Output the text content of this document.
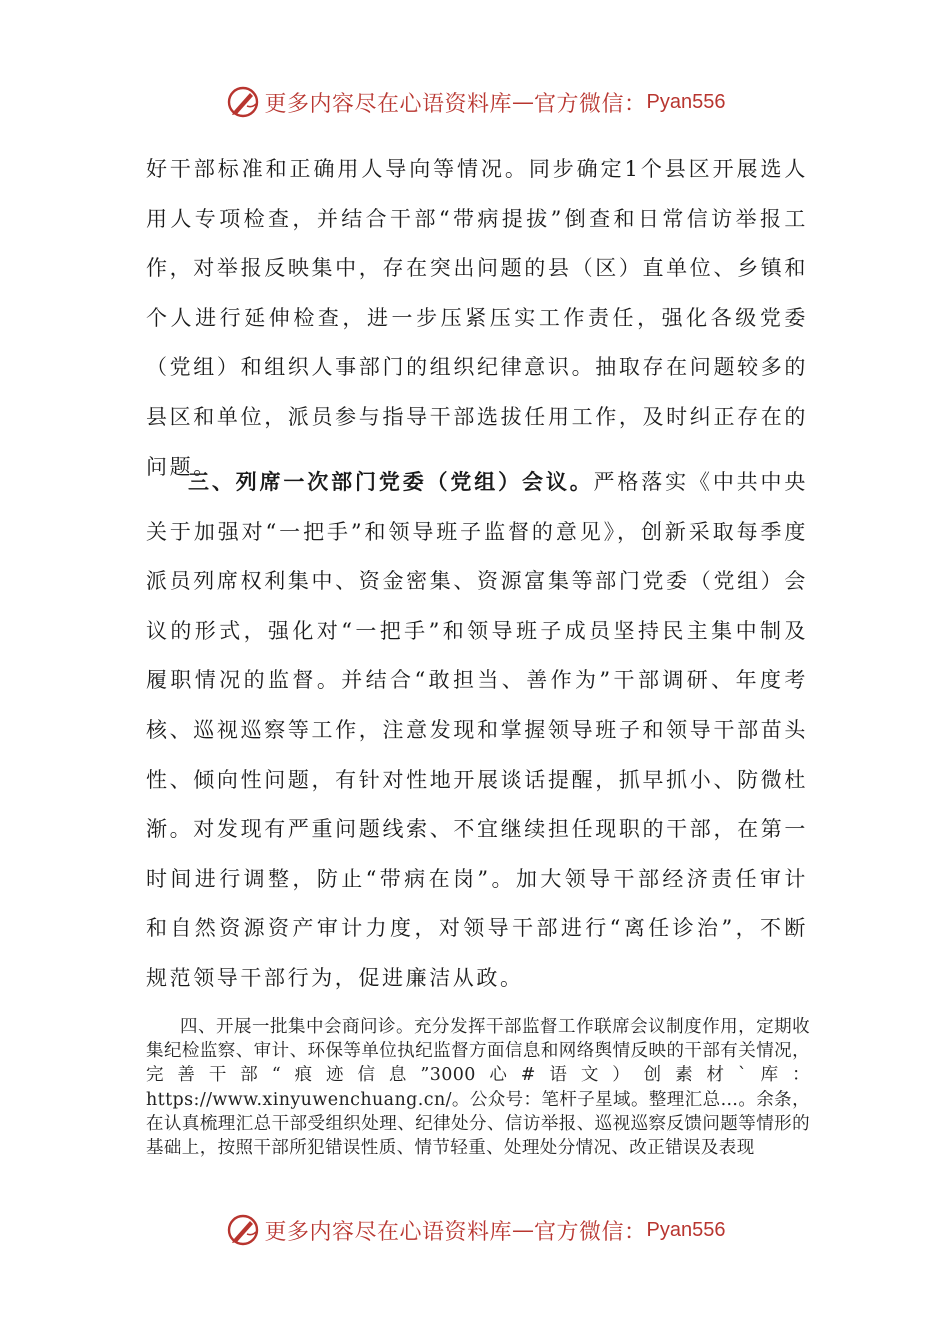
更多内容尽在心语资料库 — 官方微信： Pyan556
好干部标准和正确用人导向等情况。同步确定1个县区开展选人用人专项检查，并结合干部“带病提拔”倒查和日常信访举报工作，对举报反映集中，存在突出问题的县（区）直单位、乡镇和个人进行延伸检查，进一步压紧压实工作责任，强化各级党委（党组）和组织人事部门的组织纪律意识。抽取存在问题较多的县区和单位，派员参与指导干部选拔任用工作，及时纠正存在的问题。
三、列席一次部门党委（党组）会议。严格落实《中共中央关于加强对“一把手”和领导班子监督的意见》，创新采取每季度派员列席权利集中、资金密集、资源富集等部门党委（党组）会议的形式，强化对“一把手”和领导班子成员坚持民主集中制及履职情况的监督。并结合“敢担当、善作为”干部调研、年度考核、巡视巡察等工作，注意发现和掌握领导班子和领导干部苗头性、倾向性问题，有针对性地开展谈话提醒，抓早抓小、防微杜渐。对发现有严重问题线索、不宜继续担任现职的干部，在第一时间进行调整，防止“带病在岗”。加大领导干部经济责任审计和自然资源资产审计力度，对领导干部进行“离任诊治”，不断规范领导干部行为，促进廉洁从政。
四、开展一批集中会商问诊。充分发挥干部监督工作联席会议制度作用，定期收集纪检监察、审计、环保等单位执纪监督方面信息和网络舆情反映的干部有关情况，完善干部“痕迹信息”3000心#语文）创素材`库：https://www.xinyuwenchuang.cn/。公众号：笔杆子星域。整理汇总…。余条，在认真梳理汇总干部受组织处理、纪律处分、信访举报、巡视巡察反馈问题等情形的基础上，按照干部所犯错误性质、情节轻重、处理处分情况、改正错误及表现
更多内容尽在心语资料库 — 官方微信： Pyan556
